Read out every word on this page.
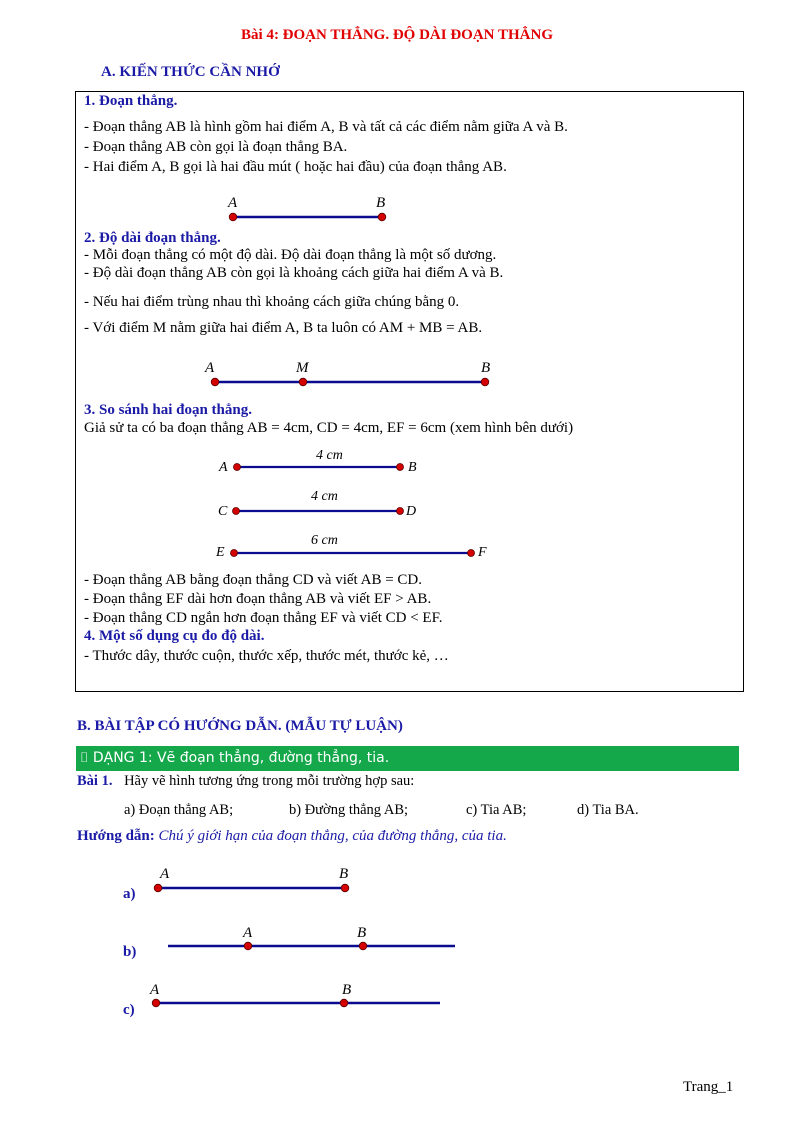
Bài 4: ĐOẠN THẲNG. ĐỘ DÀI ĐOẠN THẲNG
A. KIẾN THỨC CẦN NHỚ
1. Đoạn thẳng.
- Đoạn thẳng AB là hình gồm hai điểm A, B và tất cả các điểm nằm giữa A và B.
- Đoạn thẳng AB còn gọi là đoạn thẳng BA.
- Hai điểm A, B gọi là hai đầu mút ( hoặc hai đầu) của đoạn thẳng AB.
A	B
2. Độ dài đoạn thẳng.
- Mỗi đoạn thẳng có một độ dài. Độ dài đoạn thẳng là một số dương.
- Độ dài đoạn thẳng AB còn gọi là khoảng cách giữa hai điểm A và B.
- Nếu hai điểm trùng nhau thì khoảng cách giữa chúng bằng 0.
- Với điểm M nằm giữa hai điểm A, B ta luôn có AM + MB = AB.
A	M	B
3. So sánh hai đoạn thẳng.
Giả sử ta có ba đoạn thẳng AB = 4cm, CD = 4cm, EF = 6cm (xem hình bên dưới)
4 cm
A	B
4 cm
C	D
6 cm
E	F
- Đoạn thẳng AB bằng đoạn thẳng CD và viết AB = CD.
- Đoạn thẳng EF dài hơn đoạn thẳng AB và viết EF > AB.
- Đoạn thẳng CD ngắn hơn đoạn thẳng EF và viết CD < EF.
4. Một số dụng cụ đo độ dài.
- Thước dây, thước cuộn, thước xếp, thước mét, thước kẻ, …
B. BÀI TẬP CÓ HƯỚNG DẪN. (MẪU TỰ LUẬN)
⌷ DẠNG 1: Vẽ đoạn thẳng, đường thẳng, tia.
Bài 1. Hãy vẽ hình tương ứng trong mỗi trường hợp sau:
a) Đoạn thẳng AB;	b) Đường thẳng AB;	c) Tia AB;	d) Tia BA.
Hướng dẫn: Chú ý giới hạn của đoạn thẳng, của đường thẳng, của tia.
A	B
a)
A	B
b)
A	B
c)
Trang_1
